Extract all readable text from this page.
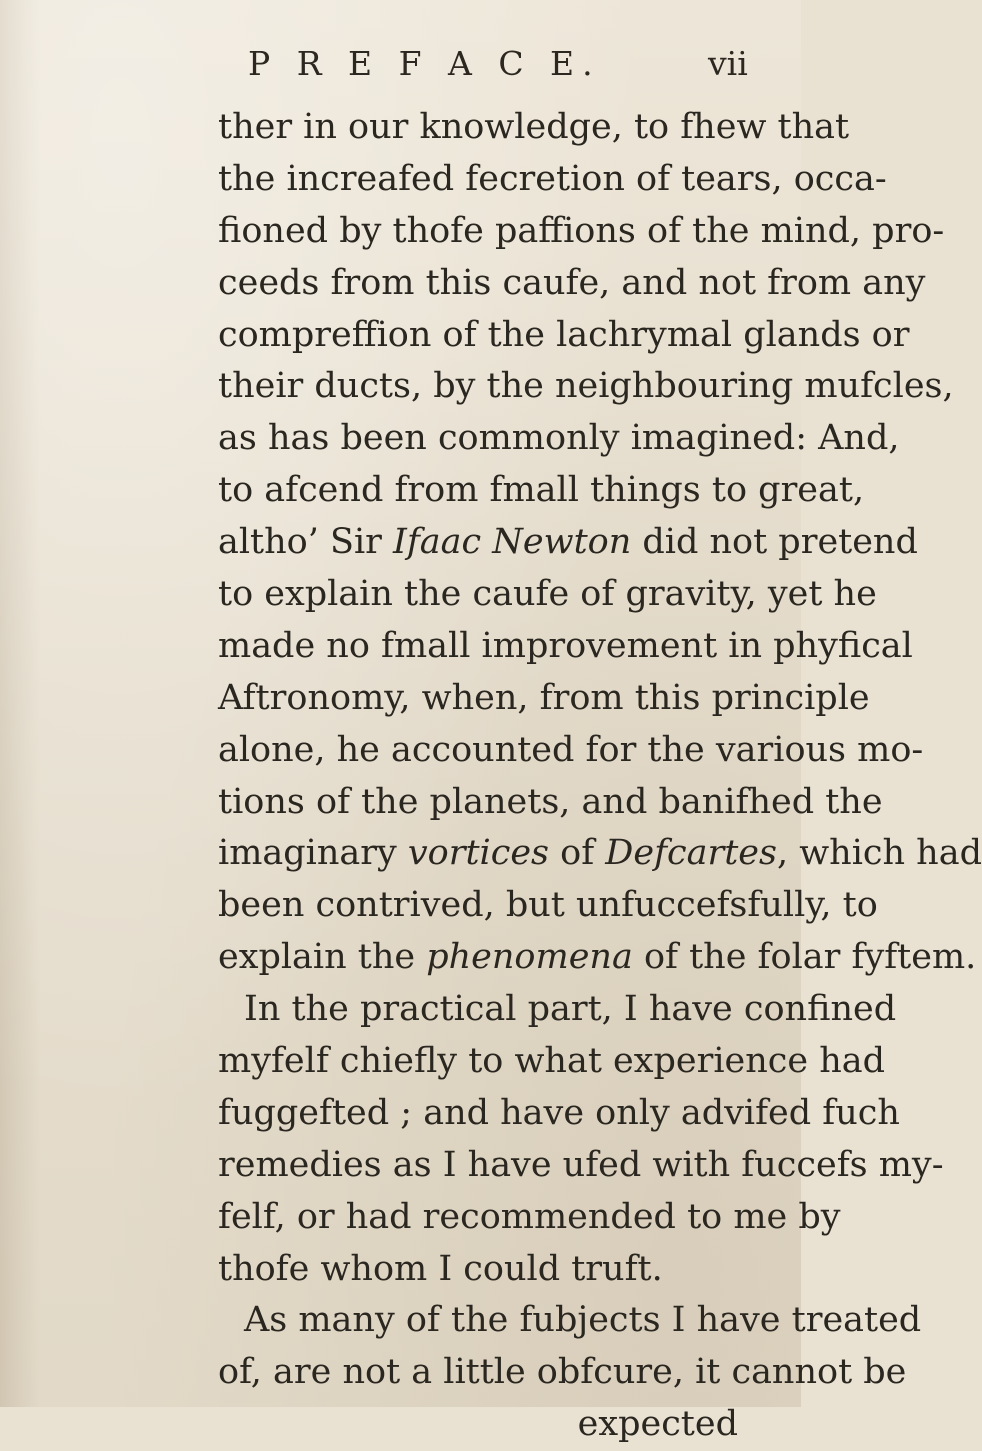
P R E F A C E.	vii
ther in our knowledge, to fhew that
the increafed fecretion of tears, occa-
fioned by thofe paffions of the mind, pro-
ceeds from this caufe, and not from any
compreffion of the lachrymal glands or
their ducts, by the neighbouring mufcles,
as has been commonly imagined: And,
to afcend from fmall things to great,
altho’ Sir Ifaac Newton did not pretend
to explain the caufe of gravity, yet he
made no fmall improvement in phyfical
Aftronomy, when, from this principle
alone, he accounted for the various mo-
tions of the planets, and banifhed the
imaginary vortices of Defcartes, which had
been contrived, but unfuccefsfully, to
explain the phenomena of the folar fyftem.
In the practical part, I have confined
myfelf chiefly to what experience had
fuggefted ; and have only advifed fuch
remedies as I have ufed with fuccefs my-
felf, or had recommended to me by
thofe whom I could truft.
As many of the fubjects I have treated
of, are not a little obfcure, it cannot be
expected
